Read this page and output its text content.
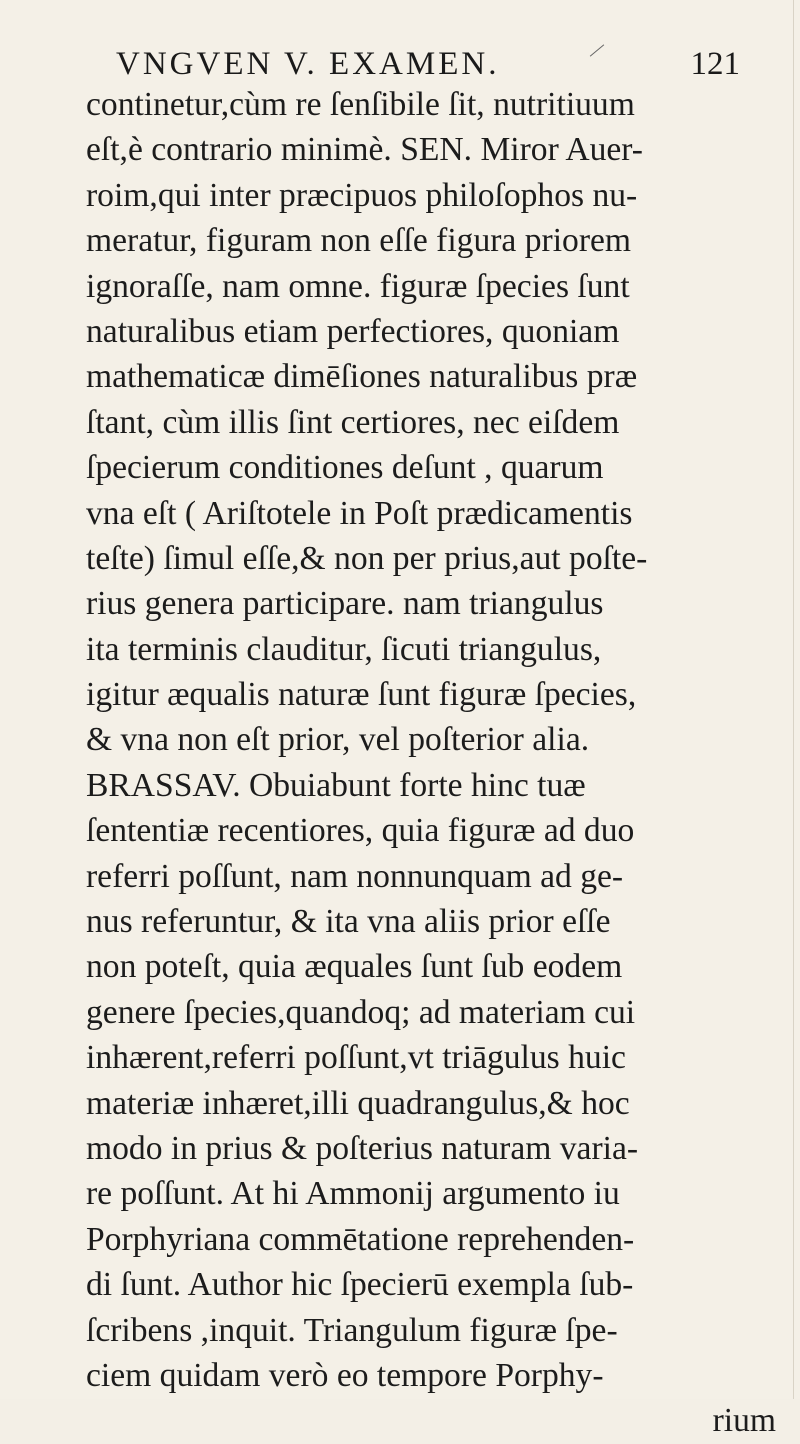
VNGVEN V. EXAMEN.	121
continetur,cùm re ſenſibile ſit, nutritiuum
eſt,è contrario minimè. SEN. Miror Auer-
roim,qui inter præcipuos philoſophos nu-
meratur, figuram non eſſe figura priorem
ignoraſſe, nam omne. figuræ ſpecies ſunt
naturalibus etiam perfectiores, quoniam
mathematicæ dimēſiones naturalibus præ
ſtant, cùm illis ſint certiores, nec eiſdem
ſpecierum conditiones deſunt , quarum
vna eſt ( Ariſtotele in Poſt prædicamentis
teſte) ſimul eſſe,& non per prius,aut poſte-
rius genera participare. nam triangulus
ita terminis clauditur, ſicuti triangulus,
igitur æqualis naturæ ſunt figuræ ſpecies,
& vna non eſt prior, vel poſterior alia.
BRASSAV. Obuiabunt forte hinc tuæ
ſententiæ recentiores, quia figuræ ad duo
referri poſſunt, nam nonnunquam ad ge-
nus referuntur, & ita vna aliis prior eſſe
non poteſt, quia æquales ſunt ſub eodem
genere ſpecies,quandoq; ad materiam cui
inhærent,referri poſſunt,vt triāgulus huic
materiæ inhæret,illi quadrangulus,& hoc
modo in prius & poſterius naturam varia-
re poſſunt. At hi Ammonij argumento iu
Porphyriana commētatione reprehenden-
di ſunt. Author hic ſpecierū exempla ſub-
ſcribens ,inquit. Triangulum figuræ ſpe-
ciem quidam verò eo tempore Porphy-
rium
